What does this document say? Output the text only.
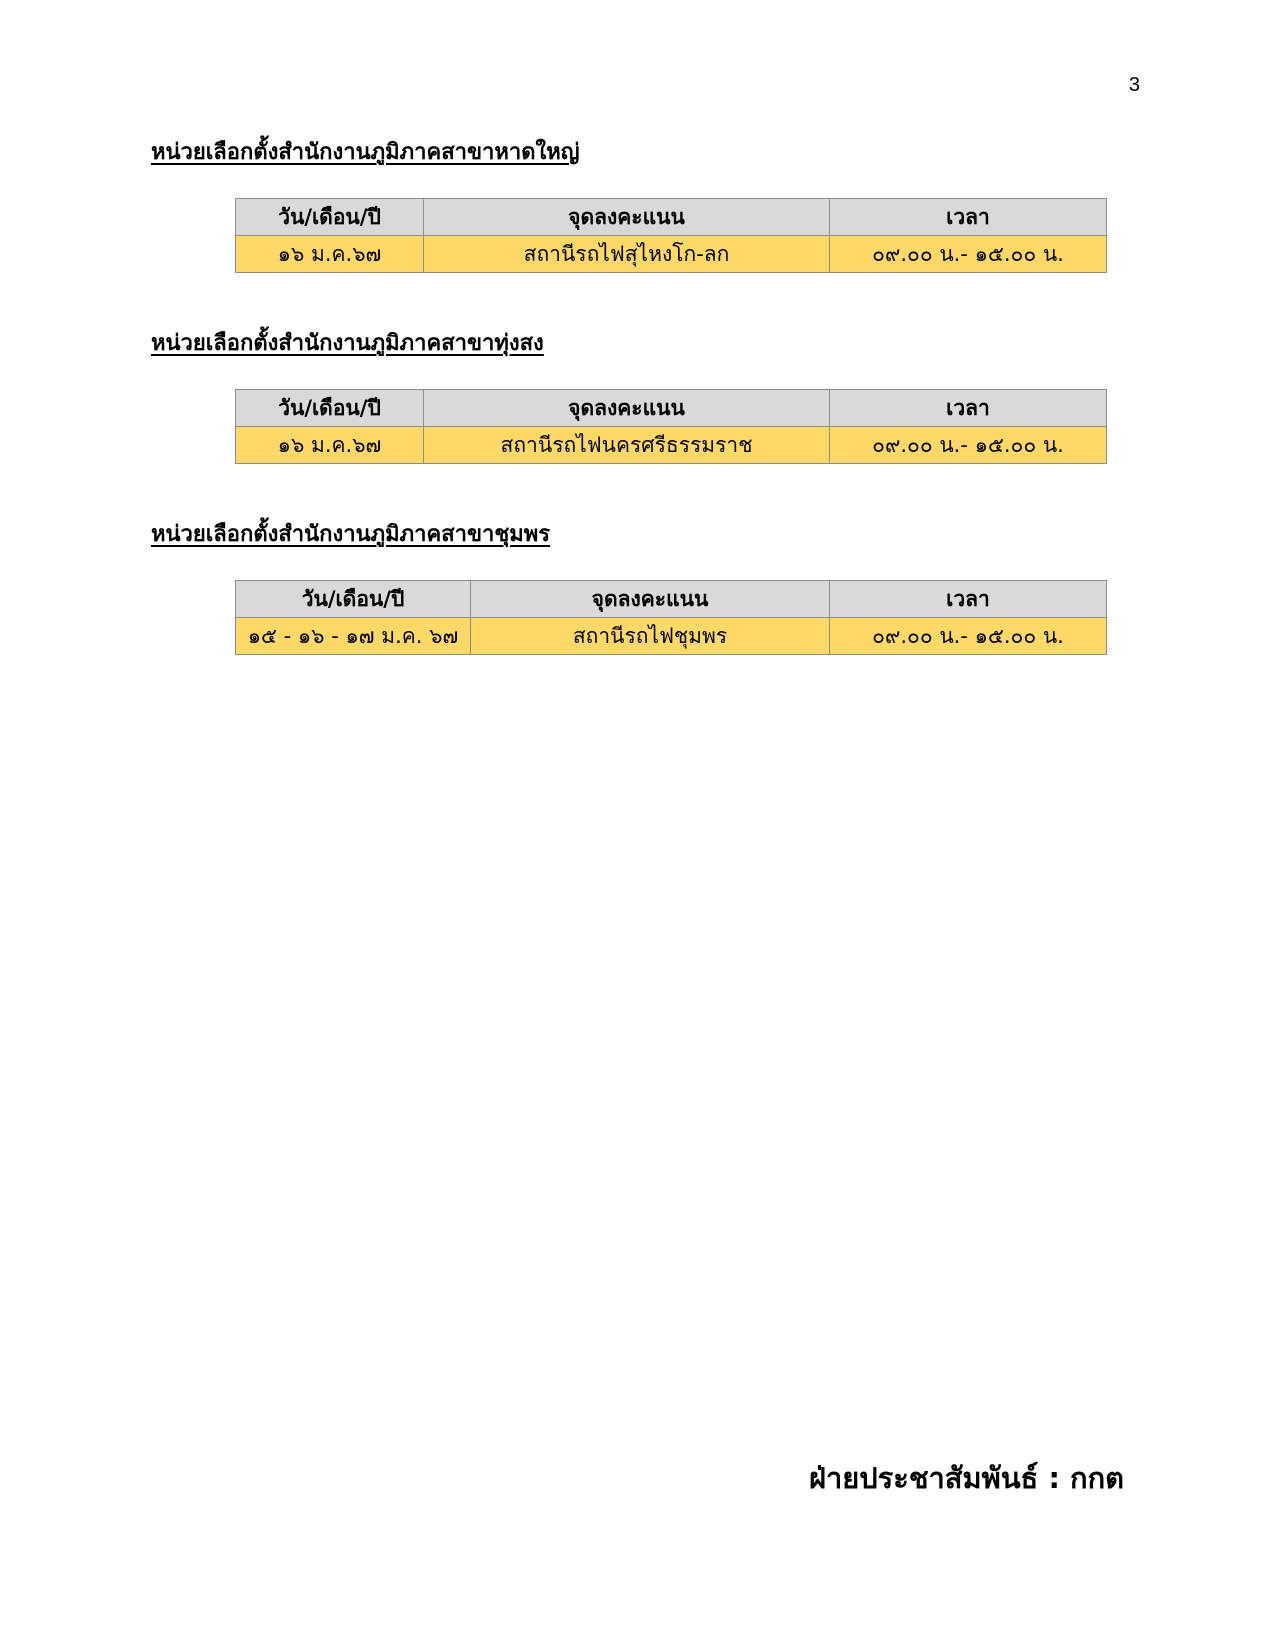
3
หน่วยเลือกตั้งสำนักงานภูมิภาคสาขาหาดใหญ่
วัน/เดือน/ปี	จุดลงคะแนน	เวลา
๑๖ ม.ค.๖๗	สถานีรถไฟสุไหงโก-ลก	๐๙.๐๐ น.- ๑๕.๐๐ น.
หน่วยเลือกตั้งสำนักงานภูมิภาคสาขาทุ่งสง
วัน/เดือน/ปี	จุดลงคะแนน	เวลา
๑๖ ม.ค.๖๗	สถานีรถไฟนครศรีธรรมราช	๐๙.๐๐ น.- ๑๕.๐๐ น.
หน่วยเลือกตั้งสำนักงานภูมิภาคสาขาชุมพร
วัน/เดือน/ปี	จุดลงคะแนน	เวลา
๑๕ - ๑๖ - ๑๗ ม.ค. ๖๗	สถานีรถไฟชุมพร	๐๙.๐๐ น.- ๑๕.๐๐ น.
ฝ่ายประชาสัมพันธ์ : กกต
